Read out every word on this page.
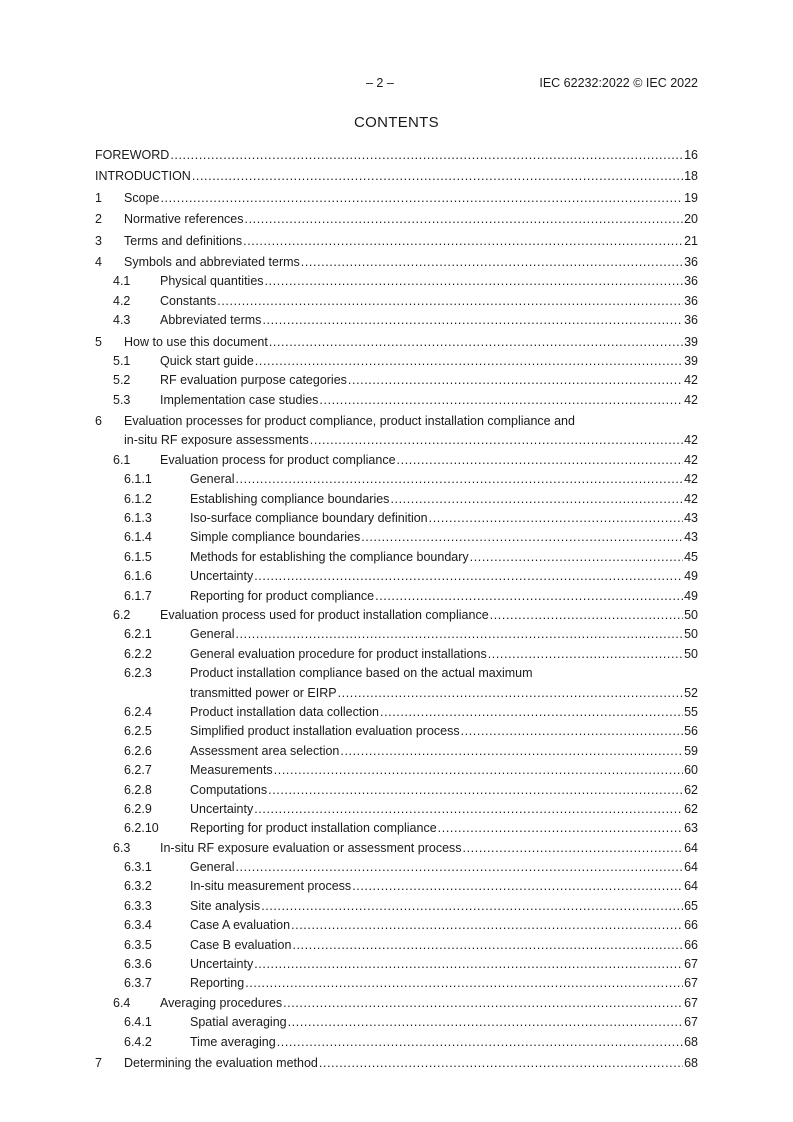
– 2 –	IEC 62232:2022 © IEC 2022
CONTENTS
FOREWORD .....	16
INTRODUCTION .....	18
1 Scope .....	19
2 Normative references .....	20
3 Terms and definitions .....	21
4 Symbols and abbreviated terms .....	36
4.1 Physical quantities .....	36
4.2 Constants .....	36
4.3 Abbreviated terms .....	36
5 How to use this document .....	39
5.1 Quick start guide .....	39
5.2 RF evaluation purpose categories .....	42
5.3 Implementation case studies .....	42
6 Evaluation processes for product compliance, product installation compliance and
in-situ RF exposure assessments .....	42
6.1 Evaluation process for product compliance .....	42
6.1.1	General .....	42
6.1.2	Establishing compliance boundaries .....	42
6.1.3	Iso-surface compliance boundary definition .....	43
6.1.4	Simple compliance boundaries .....	43
6.1.5	Methods for establishing the compliance boundary .....	45
6.1.6	Uncertainty .....	49
6.1.7	Reporting for product compliance .....	49
6.2 Evaluation process used for product installation compliance .....	50
6.2.1	General .....	50
6.2.2	General evaluation procedure for product installations .....	50
6.2.3	Product installation compliance based on the actual maximum
transmitted power or EIRP .....	52
6.2.4	Product installation data collection .....	55
6.2.5	Simplified product installation evaluation process .....	56
6.2.6	Assessment area selection .....	59
6.2.7	Measurements .....	60
6.2.8	Computations .....	62
6.2.9	Uncertainty .....	62
6.2.10 Reporting for product installation compliance .....	63
6.3 In-situ RF exposure evaluation or assessment process .....	64
6.3.1	General .....	64
6.3.2	In-situ measurement process .....	64
6.3.3	Site analysis .....	65
6.3.4	Case A evaluation .....	66
6.3.5	Case B evaluation .....	66
6.3.6	Uncertainty .....	67
6.3.7	Reporting .....	67
6.4 Averaging procedures .....	67
6.4.1	Spatial averaging .....	67
6.4.2	Time averaging .....	68
7 Determining the evaluation method .....	68
